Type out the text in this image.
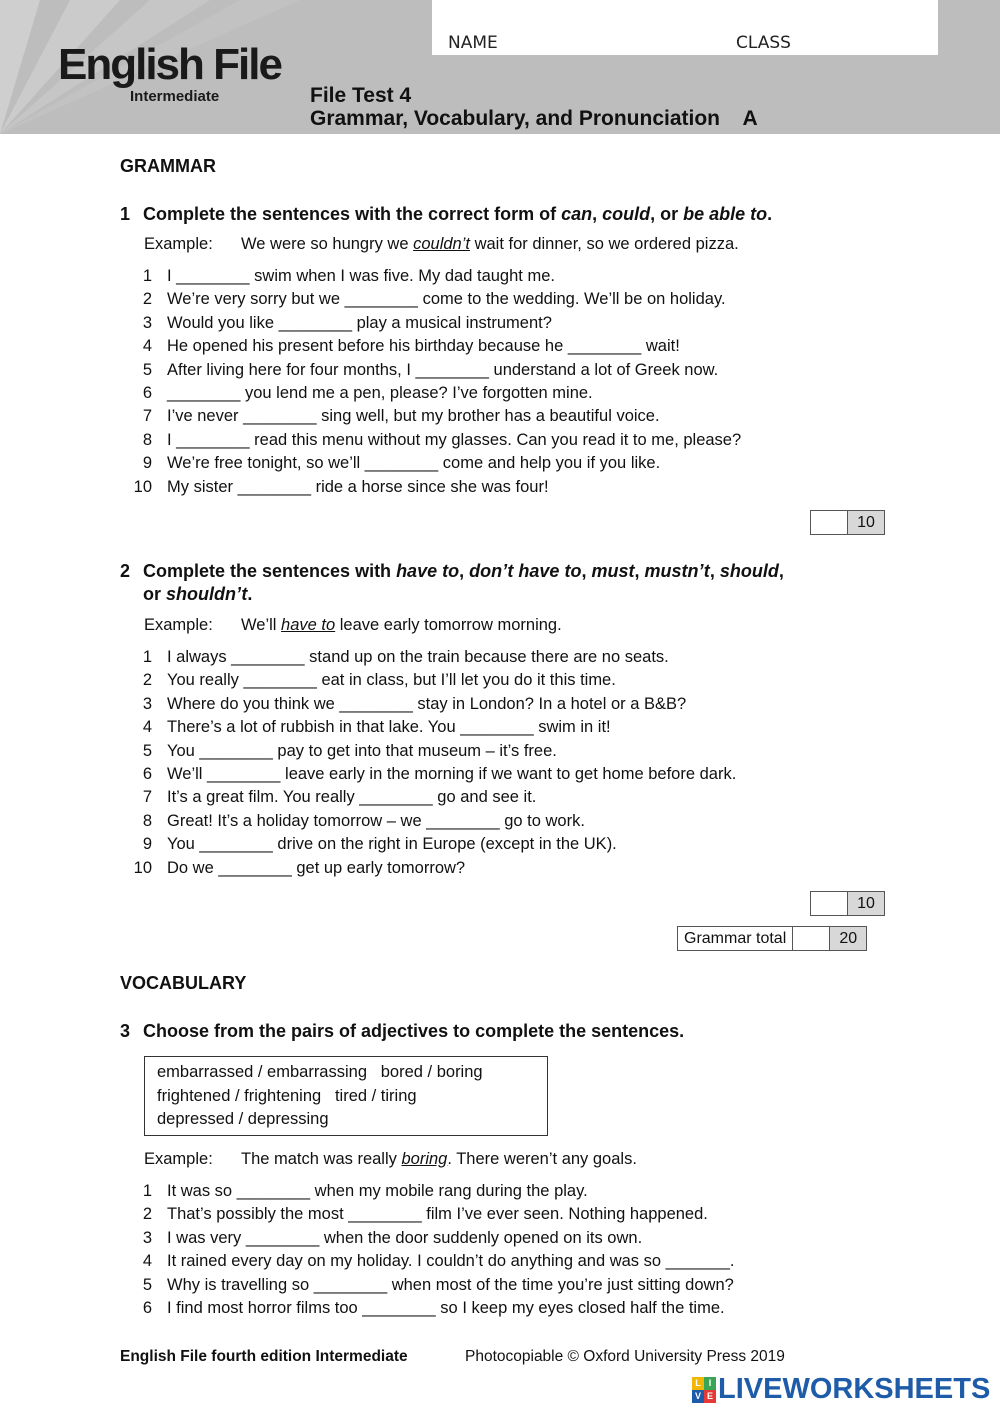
NAME	CLASS
English File
Intermediate	File Test 4
Grammar, Vocabulary, and Pronunciation    A
GRAMMAR
1 Complete the sentences with the correct form of can, could, or be able to.
Example: We were so hungry we couldn’t wait for dinner, so we ordered pizza.
1 I ________ swim when I was five. My dad taught me.
2 We’re very sorry but we ________ come to the wedding. We’ll be on holiday.
3 Would you like ________ play a musical instrument?
4 He opened his present before his birthday because he ________ wait!
5 After living here for four months, I ________ understand a lot of Greek now.
6 ________ you lend me a pen, please? I’ve forgotten mine.
7 I’ve never ________ sing well, but my brother has a beautiful voice.
8 I ________ read this menu without my glasses. Can you read it to me, please?
9 We’re free tonight, so we’ll ________ come and help you if you like.
10 My sister ________ ride a horse since she was four!
10
2 Complete the sentences with have to, don’t have to, must, mustn’t, should,
or shouldn’t.
Example: We’ll have to leave early tomorrow morning.
1 I always ________ stand up on the train because there are no seats.
2 You really ________ eat in class, but I’ll let you do it this time.
3 Where do you think we ________ stay in London? In a hotel or a B&B?
4 There’s a lot of rubbish in that lake. You ________ swim in it!
5 You ________ pay to get into that museum – it’s free.
6 We’ll ________ leave early in the morning if we want to get home before dark.
7 It’s a great film. You really ________ go and see it.
8 Great! It’s a holiday tomorrow – we ________ go to work.
9 You ________ drive on the right in Europe (except in the UK).
10 Do we ________ get up early tomorrow?
10
Grammar total	20
VOCABULARY
3 Choose from the pairs of adjectives to complete the sentences.
embarrassed / embarrassing   bored / boring
frightened / frightening   tired / tiring
depressed / depressing
Example: The match was really boring. There weren’t any goals.
1 It was so ________ when my mobile rang during the play.
2 That’s possibly the most ________ film I’ve ever seen. Nothing happened.
3 I was very ________ when the door suddenly opened on its own.
4 It rained every day on my holiday. I couldn’t do anything and was so _______.
5 Why is travelling so ________ when most of the time you’re just sitting down?
6 I find most horror films too ________ so I keep my eyes closed half the time.
English File fourth edition Intermediate	Photocopiable © Oxford University Press 2019
L I
V E LIVEWORKSHEETS
